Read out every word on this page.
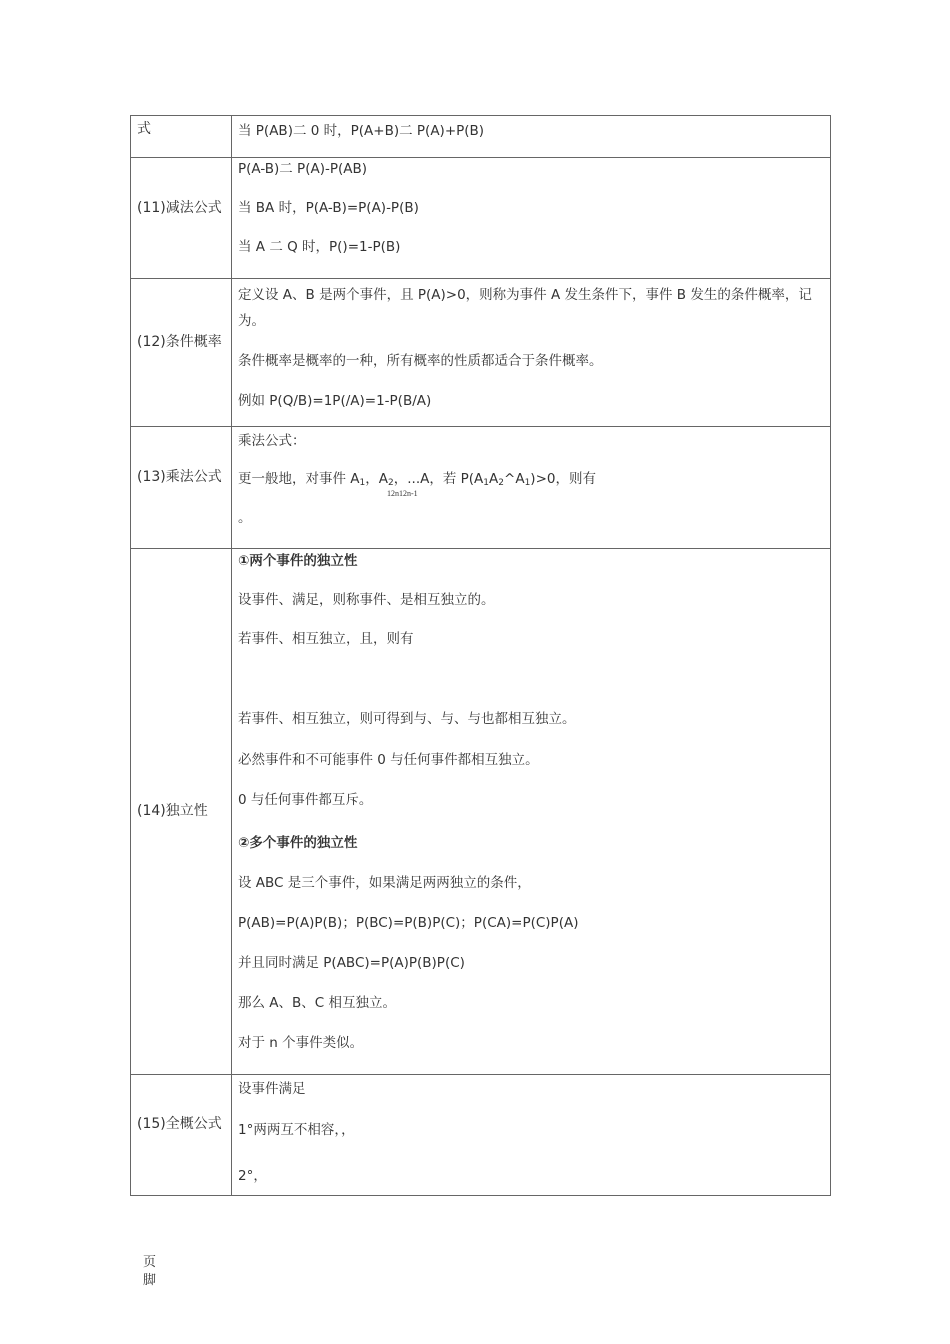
式	当 P(AB)二 0 时，P(A+B)二 P(A)+P(B)
(11)减法公式
P(A-B)二 P(A)-P(AB)
当 BA 时，P(A-B)=P(A)-P(B)
当 A 二 Q 时，P()=1-P(B)
(12)条件概率
定义设 A、B 是两个事件，且 P(A)>0，则称为事件 A 发生条件下，事件 B 发生的条件概率，记为。
条件概率是概率的一种，所有概率的性质都适合于条件概率。
例如 P(Q/B)=1P(/A)=1-P(B/A)
(13)乘法公式
乘法公式：
更一般地，对事件 $A_1$，$A_2$，...A，若 $P(A_1A_2\^{}A_1)>0$，则有
12n12n-1
。
(14)独立性
①两个事件的独立性
设事件、满足，则称事件、是相互独立的。
若事件、相互独立，且，则有
若事件、相互独立，则可得到与、与、与也都相互独立。
必然事件和不可能事件 0 与任何事件都相互独立。
0 与任何事件都互斥。
②多个事件的独立性
设 ABC 是三个事件，如果满足两两独立的条件，
P(AB)=P(A)P(B)；P(BC)=P(B)P(C)；P(CA)=P(C)P(A)
并且同时满足 P(ABC)=P(A)P(B)P(C)
那么 A、B、C 相互独立。
对于 n 个事件类似。
(15)全概公式
设事件满足
1°两两互不相容，，
2°，
页脚
